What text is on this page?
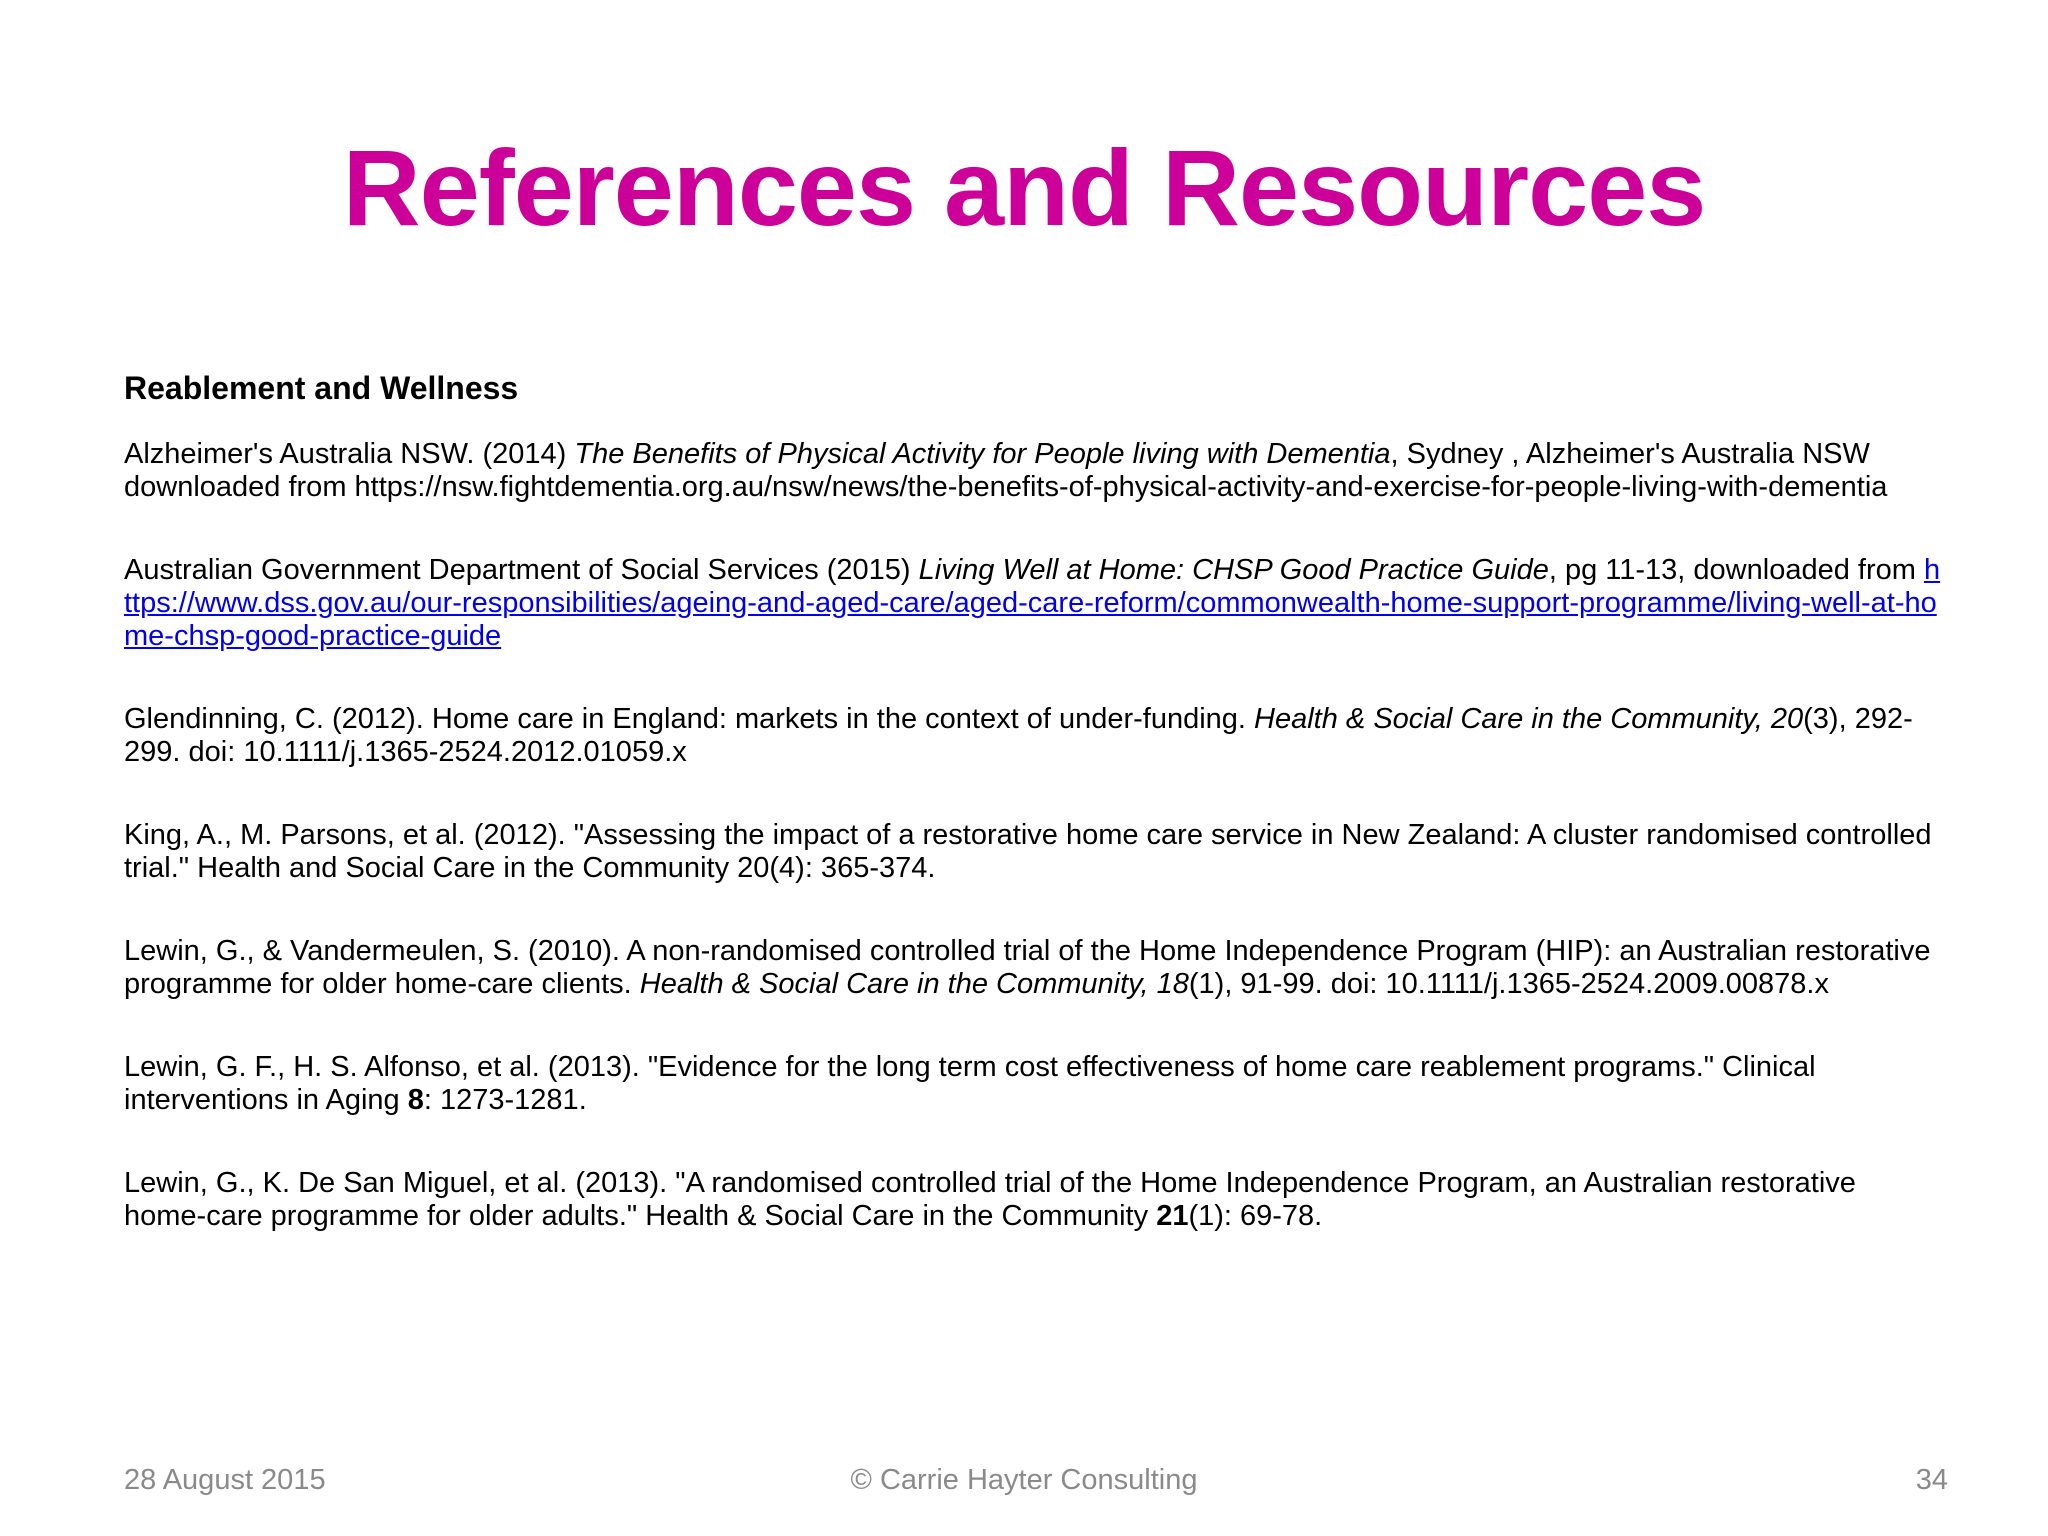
References and Resources
Reablement and Wellness

Alzheimer's Australia NSW. (2014) The Benefits of Physical Activity for People living with Dementia, Sydney , Alzheimer's Australia NSW downloaded from https://nsw.fightdementia.org.au/nsw/news/the-benefits-of-physical-activity-and-exercise-for-people-living-with-dementia

Australian Government Department of Social Services (2015) Living Well at Home: CHSP Good Practice Guide, pg 11-13, downloaded from https://www.dss.gov.au/our-responsibilities/ageing-and-aged-care/aged-care-reform/commonwealth-home-support-programme/living-well-at-home-chsp-good-practice-guide

Glendinning, C. (2012). Home care in England: markets in the context of under-funding. Health & Social Care in the Community, 20(3), 292-299. doi: 10.1111/j.1365-2524.2012.01059.x

King, A., M. Parsons, et al. (2012). "Assessing the impact of a restorative home care service in New Zealand: A cluster randomised controlled trial." Health and Social Care in the Community 20(4): 365-374.

Lewin, G., & Vandermeulen, S. (2010). A non-randomised controlled trial of the Home Independence Program (HIP): an Australian restorative programme for older home-care clients. Health & Social Care in the Community, 18(1), 91-99. doi: 10.1111/j.1365-2524.2009.00878.x

Lewin, G. F., H. S. Alfonso, et al. (2013). "Evidence for the long term cost effectiveness of home care reablement programs." Clinical interventions in Aging 8: 1273-1281.

Lewin, G., K. De San Miguel, et al. (2013). "A randomised controlled trial of the Home Independence Program, an Australian restorative home-care programme for older adults." Health & Social Care in the Community 21(1): 69-78.

28 August 2015	© Carrie Hayter Consulting	34
